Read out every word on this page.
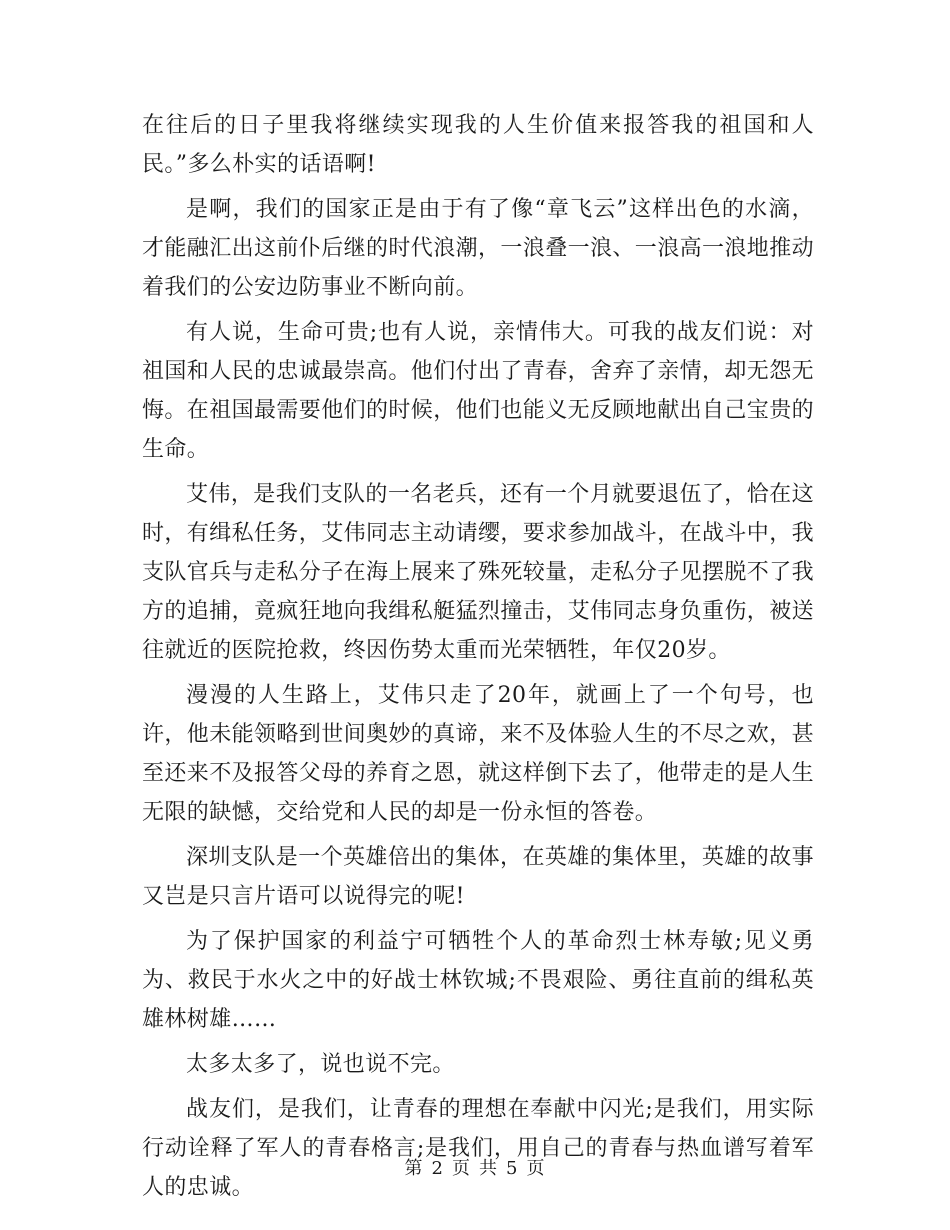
在往后的日子里我将继续实现我的人生价值来报答我的祖国和人民。”多么朴实的话语啊!

是啊，我们的国家正是由于有了像“章飞云”这样出色的水滴，才能融汇出这前仆后继的时代浪潮，一浪叠一浪、一浪高一浪地推动着我们的公安边防事业不断向前。

有人说，生命可贵;也有人说，亲情伟大。可我的战友们说：对祖国和人民的忠诚最崇高。他们付出了青春，舍弃了亲情，却无怨无悔。在祖国最需要他们的时候，他们也能义无反顾地献出自己宝贵的生命。

艾伟，是我们支队的一名老兵，还有一个月就要退伍了，恰在这时，有缉私任务，艾伟同志主动请缨，要求参加战斗，在战斗中，我支队官兵与走私分子在海上展来了殊死较量，走私分子见摆脱不了我方的追捕，竟疯狂地向我缉私艇猛烈撞击，艾伟同志身负重伤，被送往就近的医院抢救，终因伤势太重而光荣牺牲，年仅20岁。

漫漫的人生路上，艾伟只走了20年，就画上了一个句号，也许，他未能领略到世间奥妙的真谛，来不及体验人生的不尽之欢，甚至还来不及报答父母的养育之恩，就这样倒下去了，他带走的是人生无限的缺憾，交给党和人民的却是一份永恒的答卷。

深圳支队是一个英雄倍出的集体，在英雄的集体里，英雄的故事又岂是只言片语可以说得完的呢!

为了保护国家的利益宁可牺牲个人的革命烈士林寿敏;见义勇为、救民于水火之中的好战士林钦城;不畏艰险、勇往直前的缉私英雄林树雄……

太多太多了，说也说不完。

战友们，是我们，让青春的理想在奉献中闪光;是我们，用实际行动诠释了军人的青春格言;是我们，用自己的青春与热血谱写着军人的忠诚。

第 2 页 共 5 页
